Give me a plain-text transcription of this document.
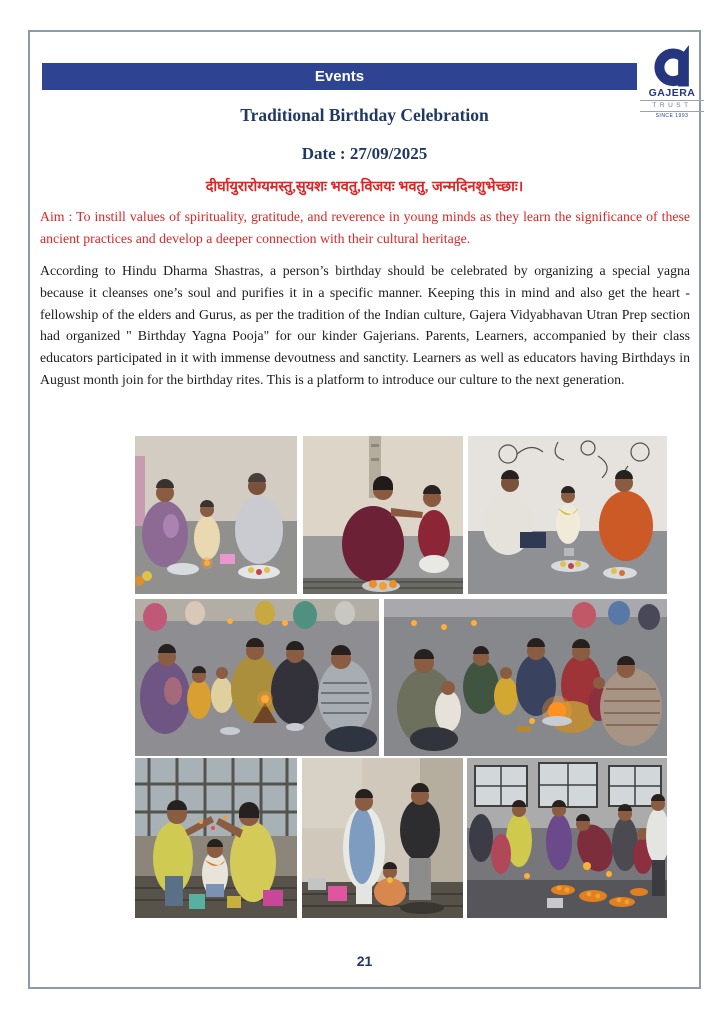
Events
GAJERA
TRUST
SINCE 1993
Traditional Birthday Celebration
Date : 27/09/2025
दीर्घायुरारोग्यमस्तु,सुयशः भवतु,विजयः भवतु, जन्मदिनशुभेच्छाः।
Aim : To instill values of spirituality, gratitude, and reverence in young minds as they learn the significance of these ancient practices and develop a deeper connection with their cultural heritage.
According to Hindu Dharma Shastras, a person’s birthday should be celebrated by organizing a special yagna because it cleanses one’s soul and purifies it in a specific manner. Keeping this in mind and also get the heart - fellowship of the elders and Gurus, as per the tradition of the Indian culture, Gajera Vidyabhavan Utran Prep section had organized " Birthday Yagna Pooja" for our kinder Gajerians. Parents, Learners, accompanied by their class educators participated in it with immense devoutness and sanctity. Learners as well as educators having Birthdays in August month join for the birthday rites. This is a platform to introduce our culture to the next generation.
21
